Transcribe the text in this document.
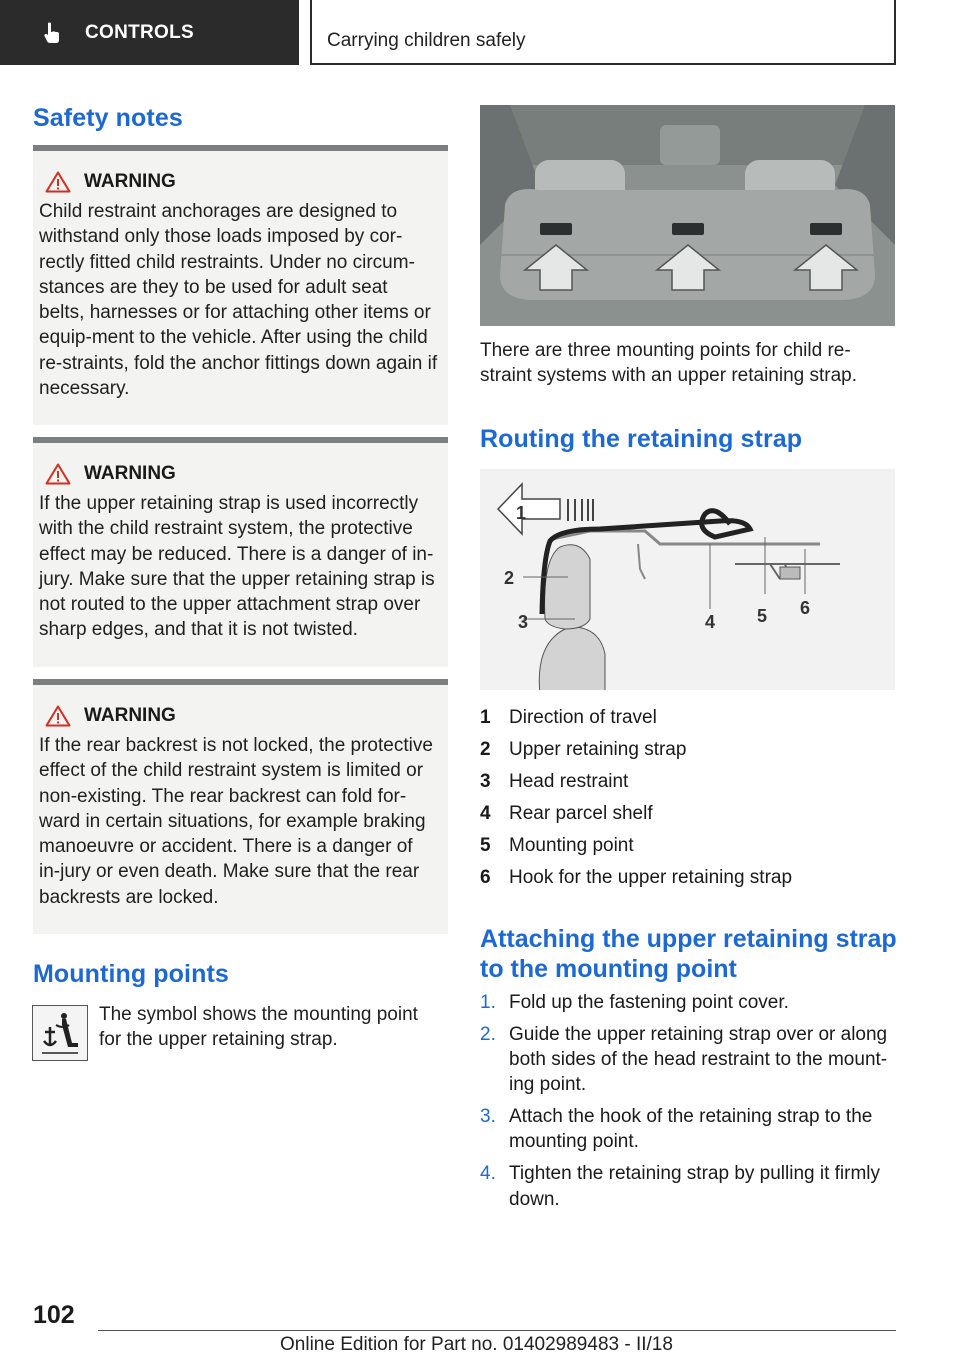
CONTROLS	Carrying children safely
Safety notes
WARNING
Child restraint anchorages are designed to withstand only those loads imposed by cor-rectly fitted child restraints. Under no circum-stances are they to be used for adult seat belts, harnesses or for attaching other items or equip-ment to the vehicle. After using the child re-straints, fold the anchor fittings down again if necessary.
WARNING
If the upper retaining strap is used incorrectly with the child restraint system, the protective effect may be reduced. There is a danger of in-jury. Make sure that the upper retaining strap is not routed to the upper attachment strap over sharp edges, and that it is not twisted.
WARNING
If the rear backrest is not locked, the protective effect of the child restraint system is limited or non-existing. The rear backrest can fold for-ward in certain situations, for example braking manoeuvre or accident. There is a danger of in-jury or even death. Make sure that the rear backrests are locked.
Mounting points
The symbol shows the mounting point for the upper retaining strap.
There are three mounting points for child re-straint systems with an upper retaining strap.
Routing the retaining strap
1
2
3	4 5 6
1 Direction of travel
2 Upper retaining strap
3 Head restraint
4 Rear parcel shelf
5 Mounting point
6 Hook for the upper retaining strap
Attaching the upper retaining strap to the mounting point
1. Fold up the fastening point cover.
2. Guide the upper retaining strap over or along both sides of the head restraint to the mount-ing point.
3. Attach the hook of the retaining strap to the mounting point.
4. Tighten the retaining strap by pulling it firmly down.
102
Online Edition for Part no. 01402989483 - II/18
